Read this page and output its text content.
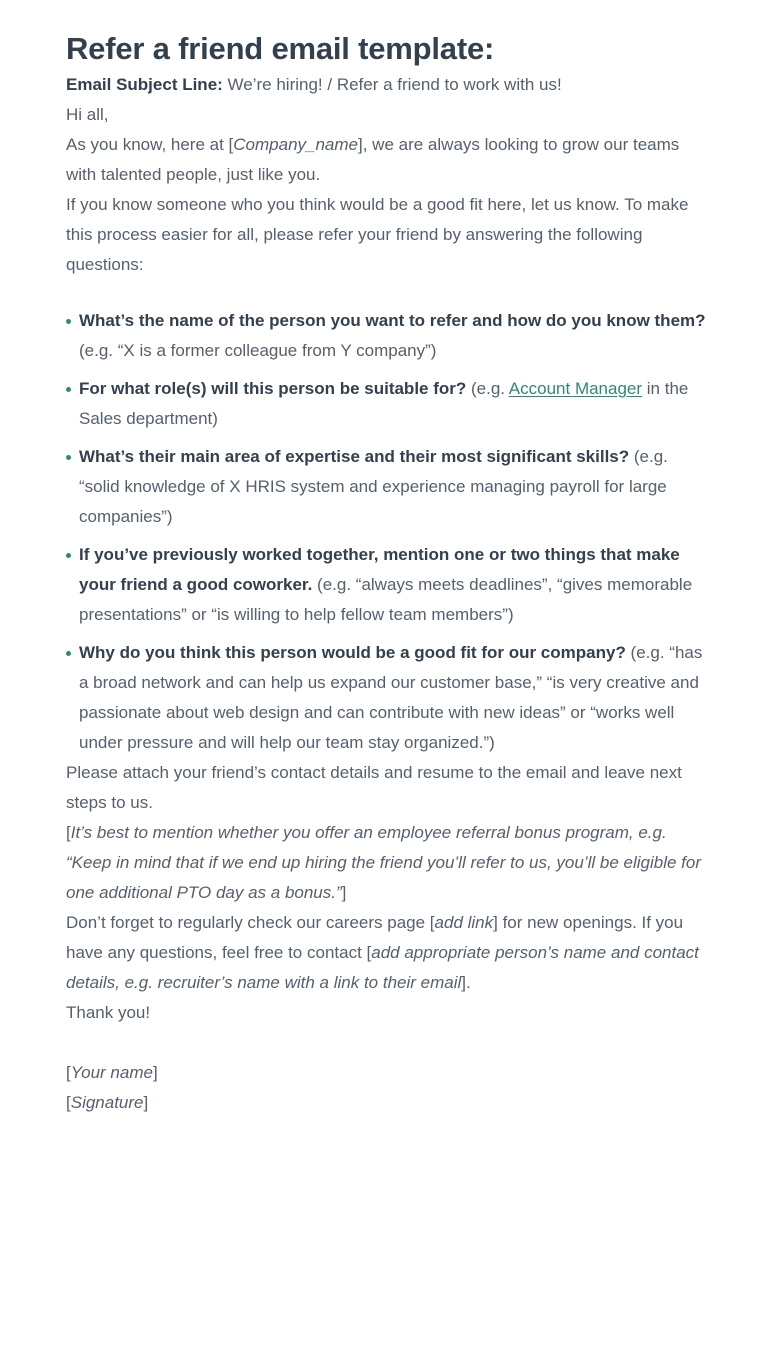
Refer a friend email template:

Email Subject Line: We’re hiring! / Refer a friend to work with us!

Hi all,

As you know, here at [Company_name], we are always looking to grow our teams with talented people, just like you.

If you know someone who you think would be a good fit here, let us know. To make this process easier for all, please refer your friend by answering the following questions:

What’s the name of the person you want to refer and how do you know them? (e.g. “X is a former colleague from Y company”)
For what role(s) will this person be suitable for? (e.g. Account Manager in the Sales department)
What’s their main area of expertise and their most significant skills? (e.g. “solid knowledge of X HRIS system and experience managing payroll for large companies”)
If you’ve previously worked together, mention one or two things that make your friend a good coworker. (e.g. “always meets deadlines”, “gives memorable presentations” or “is willing to help fellow team members”)
Why do you think this person would be a good fit for our company? (e.g. “has a broad network and can help us expand our customer base,” “is very creative and passionate about web design and can contribute with new ideas” or “works well under pressure and will help our team stay organized.”)

Please attach your friend’s contact details and resume to the email and leave next steps to us.

[It’s best to mention whether you offer an employee referral bonus program, e.g. “Keep in mind that if we end up hiring the friend you’ll refer to us, you’ll be eligible for one additional PTO day as a bonus.”]

Don’t forget to regularly check our careers page [add link] for new openings. If you have any questions, feel free to contact [add appropriate person’s name and contact details, e.g. recruiter’s name with a link to their email].

Thank you!

[Your name]
[Signature]
